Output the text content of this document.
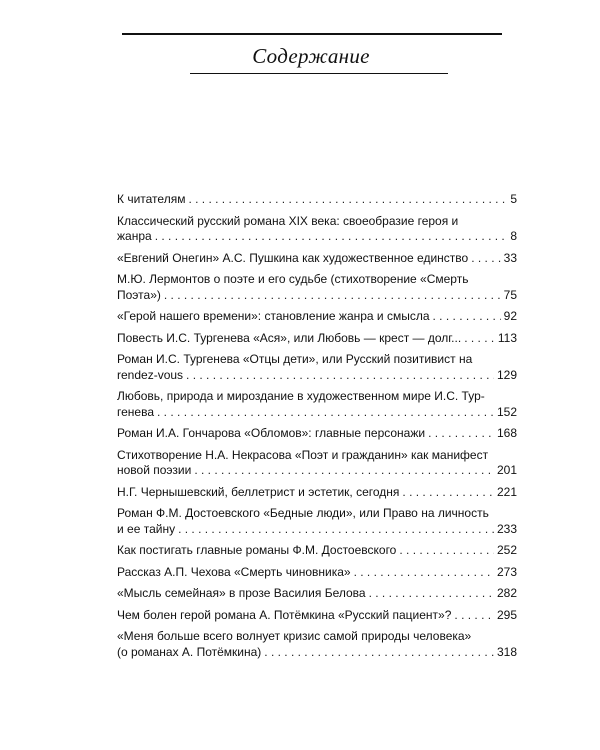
Содержание
К читателям . . .	5
Классический русский романа XIX века: своеобразие героя и
жанра . . .	8
«Евгений Онегин» А.С. Пушкина как художественное единство . . .	33
М.Ю. Лермонтов о поэте и его судьбе (стихотворение «Смерть
Поэта») . . .	75
«Герой нашего времени»: становление жанра и смысла . . .	92
Повесть И.С. Тургенева «Ася», или Любовь — крест — долг... . . .	113
Роман И.С. Тургенева «Отцы дети», или Русский позитивист на
rendez-vous . . .	129
Любовь, природа и мироздание в художественном мире И.С. Тур-
генева . . .	152
Роман И.А. Гончарова «Обломов»: главные персонажи . . .	168
Стихотворение Н.А. Некрасова «Поэт и гражданин» как манифест
новой поэзии . . .	201
Н.Г. Чернышевский, беллетрист и эстетик, сегодня . . .	221
Роман Ф.М. Достоевского «Бедные люди», или Право на личность
и ее тайну . . .	233
Как постигать главные романы Ф.М. Достоевского . . .	252
Рассказ А.П. Чехова «Смерть чиновника» . . .	273
«Мысль семейная» в прозе Василия Белова . . .	282
Чем болен герой романа А. Потёмкина «Русский пациент»? . . .	295
«Меня больше всего волнует кризис самой природы человека»
(о романах А. Потёмкина) . . .	318
